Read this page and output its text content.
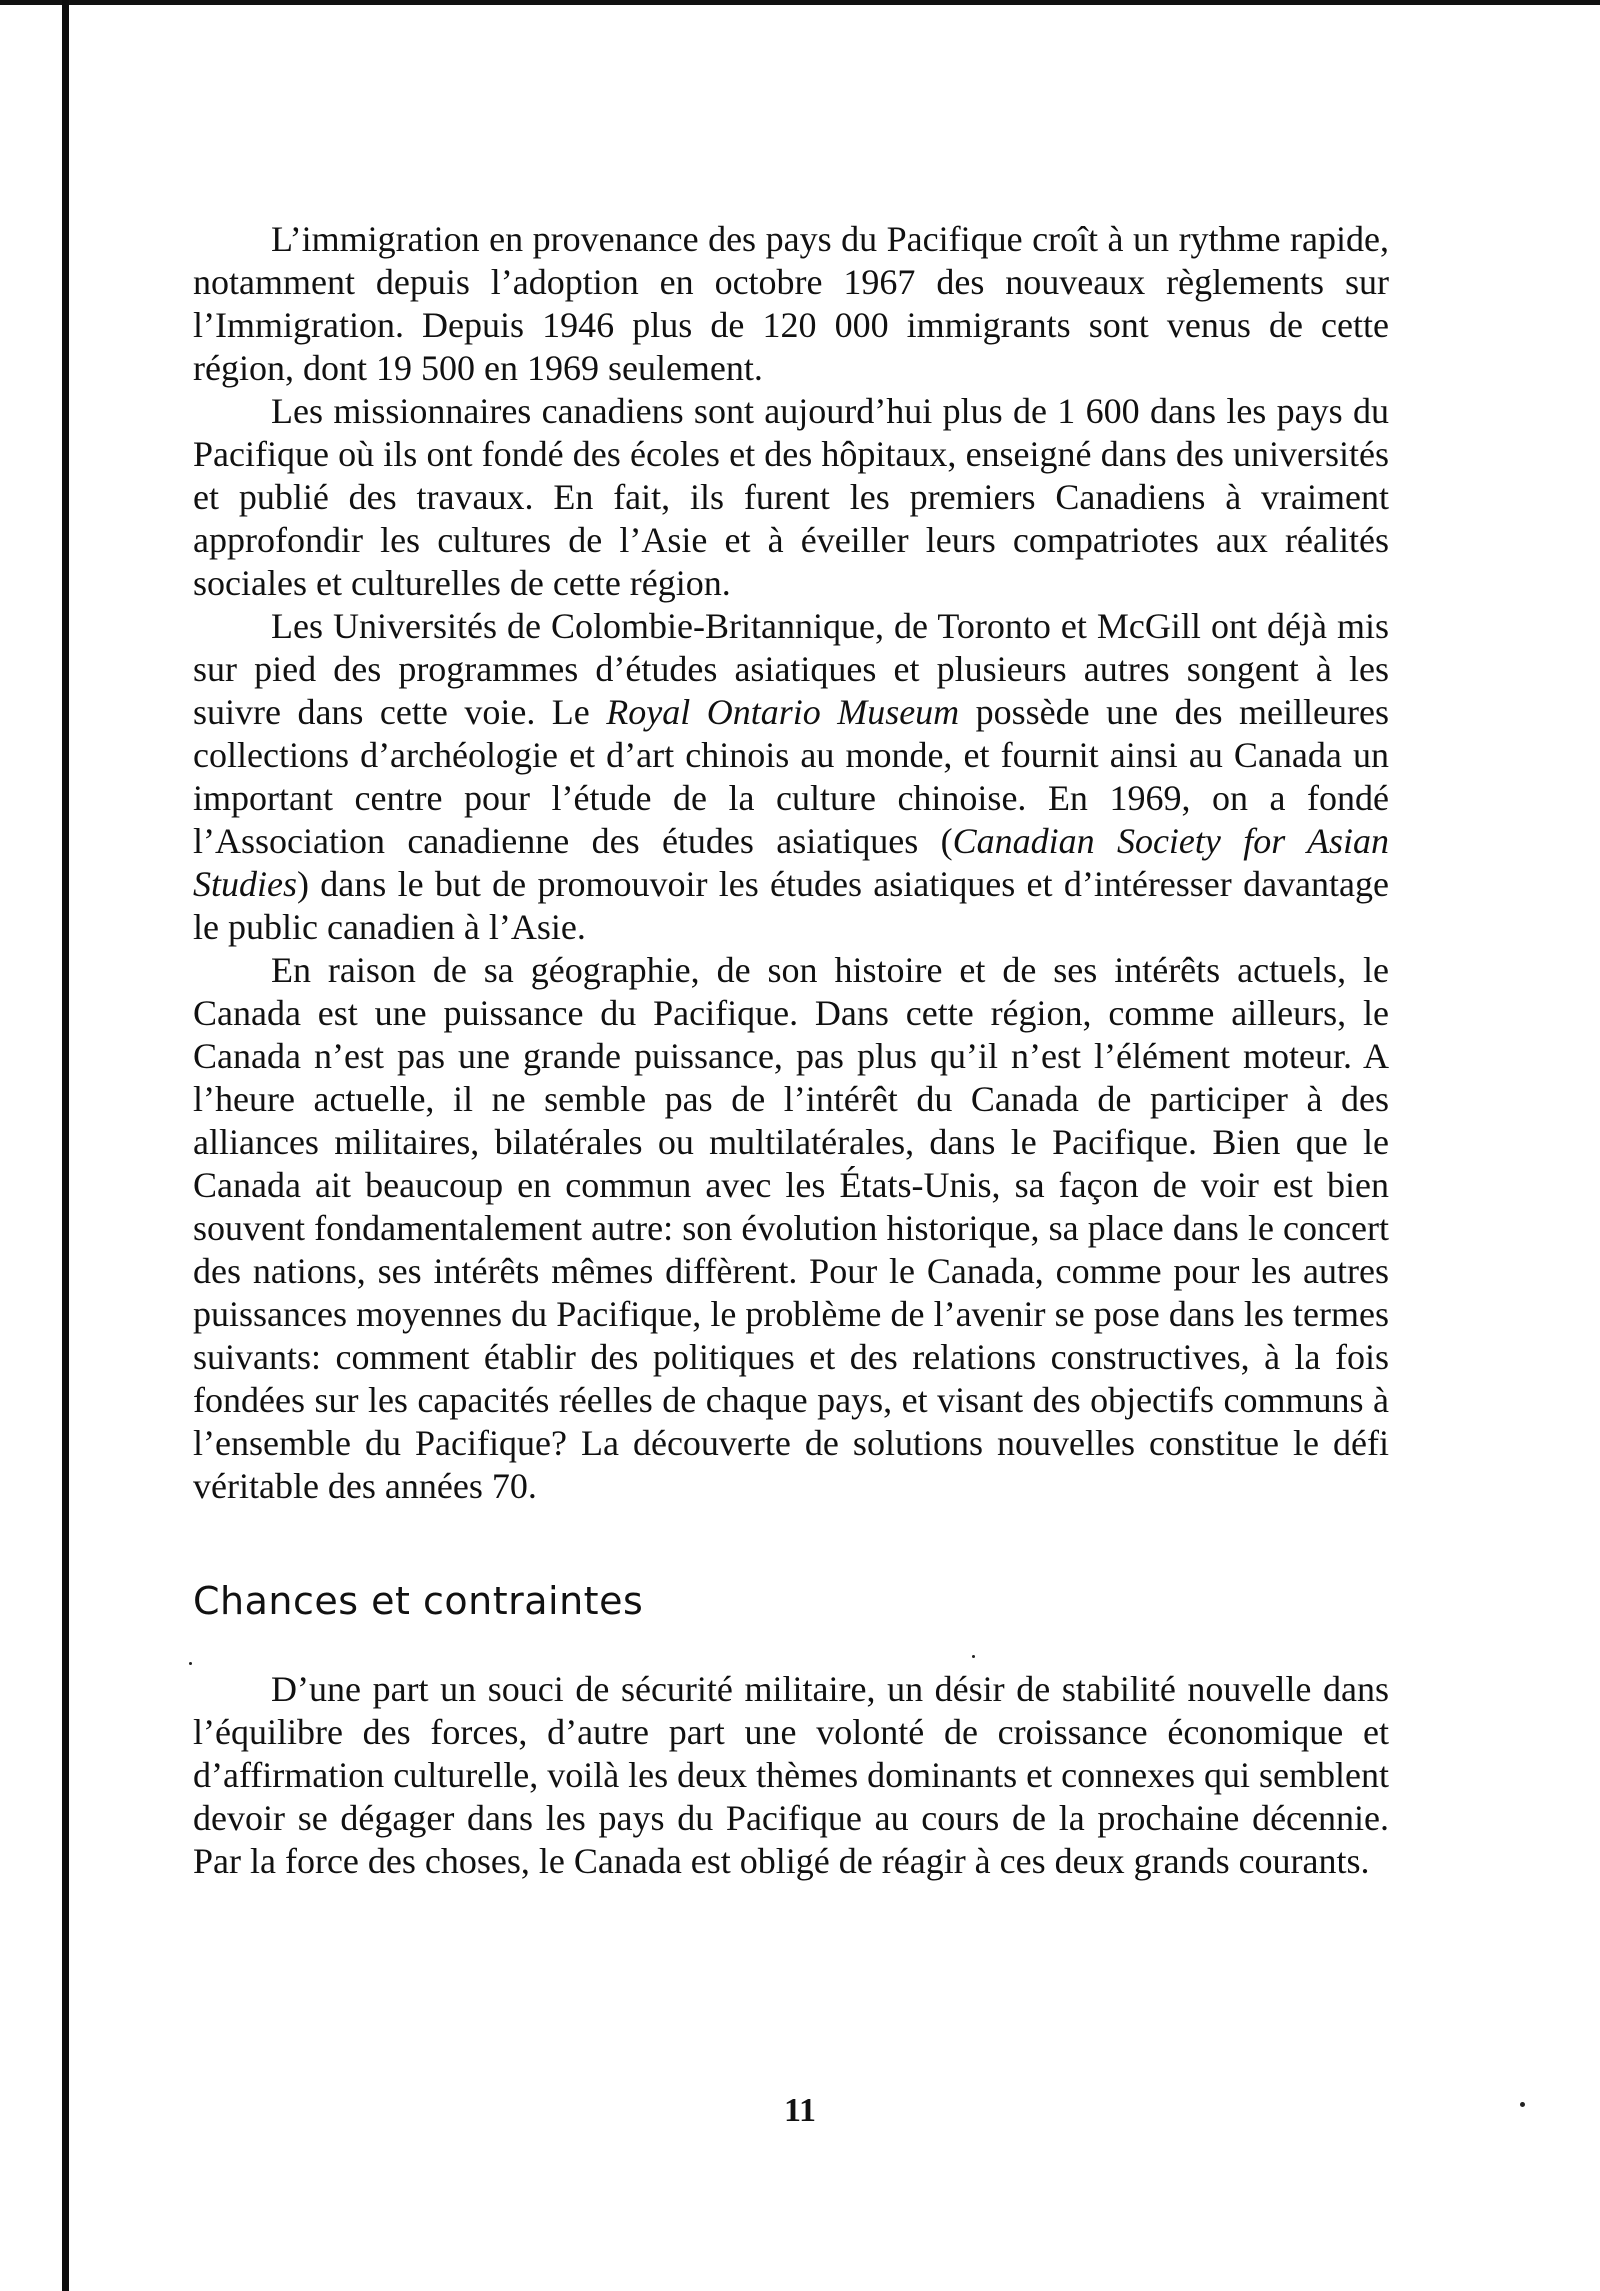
L’immigration en provenance des pays du Pacifique croît à un rythme rapide, notamment depuis l’adoption en octobre 1967 des nouveaux règlements sur l’Immigration. Depuis 1946 plus de 120 000 immigrants sont venus de cette région, dont 19 500 en 1969 seulement.

Les missionnaires canadiens sont aujourd’hui plus de 1 600 dans les pays du Pacifique où ils ont fondé des écoles et des hôpitaux, enseigné dans des universités et publié des travaux. En fait, ils furent les premiers Canadiens à vraiment approfondir les cultures de l’Asie et à éveiller leurs compatriotes aux réalités sociales et culturelles de cette région.

Les Universités de Colombie-Britannique, de Toronto et McGill ont déjà mis sur pied des programmes d’études asiatiques et plusieurs autres songent à les suivre dans cette voie. Le Royal Ontario Museum possède une des meilleures collections d’archéologie et d’art chinois au monde, et fournit ainsi au Canada un important centre pour l’étude de la culture chinoise. En 1969, on a fondé l’Association canadienne des études asiatiques (Canadian Society for Asian Studies) dans le but de promouvoir les études asiatiques et d’intéresser davantage le public canadien à l’Asie.

En raison de sa géographie, de son histoire et de ses intérêts actuels, le Canada est une puissance du Pacifique. Dans cette région, comme ailleurs, le Canada n’est pas une grande puissance, pas plus qu’il n’est l’élément moteur. A l’heure actuelle, il ne semble pas de l’intérêt du Canada de participer à des alliances militaires, bilatérales ou multilatérales, dans le Pacifique. Bien que le Canada ait beaucoup en commun avec les États-Unis, sa façon de voir est bien souvent fondamentalement autre: son évolution historique, sa place dans le concert des nations, ses intérêts mêmes diffèrent. Pour le Canada, comme pour les autres puissances moyennes du Pacifique, le problème de l’avenir se pose dans les termes suivants: comment établir des politiques et des relations constructives, à la fois fondées sur les capacités réelles de chaque pays, et visant des objectifs communs à l’ensemble du Pacifique? La découverte de solutions nouvelles constitue le défi véritable des années 70.

Chances et contraintes

D’une part un souci de sécurité militaire, un désir de stabilité nouvelle dans l’équilibre des forces, d’autre part une volonté de croissance économique et d’affirmation culturelle, voilà les deux thèmes dominants et connexes qui semblent devoir se dégager dans les pays du Pacifique au cours de la prochaine décennie. Par la force des choses, le Canada est obligé de réagir à ces deux grands courants.

11
